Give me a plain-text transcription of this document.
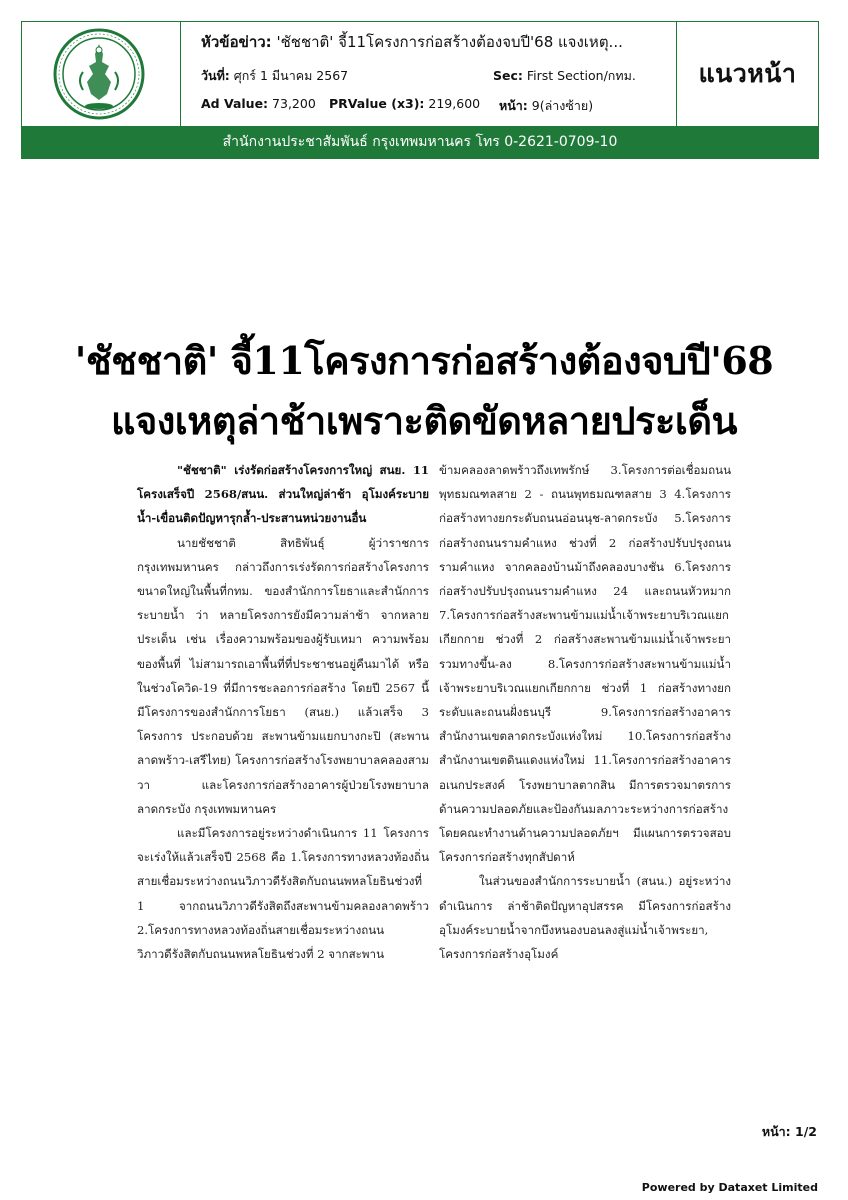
หัวข้อข่าว: 'ชัชชาติ' จี้11โครงการก่อสร้างต้องจบปี'68 แจงเหตุ...
วันที่: ศุกร์ 1 มีนาคม 2567	Sec: First Section/กทม.
Ad Value: 73,200 PRValue (x3): 219,600 หน้า: 9(ล่างซ้าย)
แนวหน้า
สำนักงานประชาสัมพันธ์ กรุงเทพมหานคร โทร 0-2621-0709-10
'ชัชชาติ' จี้11โครงการก่อสร้างต้องจบปี'68
แจงเหตุล่าช้าเพราะติดขัดหลายประเด็น

"ชัชชาติ" เร่งรัดก่อสร้างโครงการใหญ่ สนย. 11 โครงเสร็จปี 2568/สนน. ส่วนใหญ่ล่าช้า อุโมงค์ระบายน้ำ-เขื่อนติดปัญหารุกล้ำ-ประสานหน่วยงานอื่น

นายชัชชาติ สิทธิพันธุ์ ผู้ว่าราชการกรุงเทพมหานคร กล่าวถึงการเร่งรัดการก่อสร้างโครงการขนาดใหญ่ในพื้นที่กทม. ของสำนักการโยธาและสำนักการระบายน้ำ ว่า หลายโครงการยังมีความล่าช้า จากหลายประเด็น เช่น เรื่องความพร้อมของผู้รับเหมา ความพร้อมของพื้นที่ ไม่สามารถเอาพื้นที่ที่ประชาชนอยู่คืนมาได้ หรือในช่วงโควิด-19 ที่มีการชะลอการก่อสร้าง โดยปี 2567 นี้ มีโครงการของสำนักการโยธา (สนย.) แล้วเสร็จ 3 โครงการ ประกอบด้วย สะพานข้ามแยกบางกะปิ (สะพานลาดพร้าว-เสรีไทย) โครงการก่อสร้างโรงพยาบาลคลองสามวา และโครงการก่อสร้างอาคารผู้ป่วยโรงพยาบาลลาดกระบัง กรุงเทพมหานคร

และมีโครงการอยู่ระหว่างดำเนินการ 11 โครงการ จะเร่งให้แล้วเสร็จปี 2568 คือ 1.โครงการทางหลวงท้องถิ่นสายเชื่อมระหว่างถนนวิภาวดีรังสิตกับถนนพหลโยธินช่วงที่ 1 จากถนนวิภาวดีรังสิตถึงสะพานข้ามคลองลาดพร้าว 2.โครงการทางหลวงท้องถิ่นสายเชื่อมระหว่างถนนวิภาวดีรังสิตกับถนนพหลโยธินช่วงที่ 2 จากสะพาน

ข้ามคลองลาดพร้าวถึงเทพรักษ์ 3.โครงการต่อเชื่อมถนนพุทธมณฑลสาย 2 - ถนนพุทธมณฑลสาย 3 4.โครงการก่อสร้างทางยกระดับถนนอ่อนนุช-ลาดกระบัง 5.โครงการก่อสร้างถนนรามคำแหง ช่วงที่ 2 ก่อสร้างปรับปรุงถนนรามคำแหง จากคลองบ้านม้าถึงคลองบางชัน 6.โครงการก่อสร้างปรับปรุงถนนรามคำแหง 24 และถนนหัวหมาก 7.โครงการก่อสร้างสะพานข้ามแม่น้ำเจ้าพระยาบริเวณแยกเกียกกาย ช่วงที่ 2 ก่อสร้างสะพานข้ามแม่น้ำเจ้าพระยา รวมทางขึ้น-ลง 8.โครงการก่อสร้างสะพานข้ามแม่น้ำเจ้าพระยาบริเวณแยกเกียกกาย ช่วงที่ 1 ก่อสร้างทางยกระดับและถนนฝั่งธนบุรี 9.โครงการก่อสร้างอาคารสำนักงานเขตลาดกระบังแห่งใหม่ 10.โครงการก่อสร้างสำนักงานเขตดินแดงแห่งใหม่ 11.โครงการก่อสร้างอาคารอเนกประสงค์ โรงพยาบาลตากสิน มีการตรวจมาตรการด้านความปลอดภัยและป้องกันมลภาวะระหว่างการก่อสร้าง โดยคณะทำงานด้านความปลอดภัยฯ มีแผนการตรวจสอบโครงการก่อสร้างทุกสัปดาห์

ในส่วนของสำนักการระบายน้ำ (สนน.) อยู่ระหว่างดำเนินการ ล่าช้าติดปัญหาอุปสรรค มีโครงการก่อสร้างอุโมงค์ระบายน้ำจากบึงหนองบอนลงสู่แม่น้ำเจ้าพระยา, โครงการก่อสร้างอุโมงค์

หน้า: 1/2
Powered by Dataxet Limited
